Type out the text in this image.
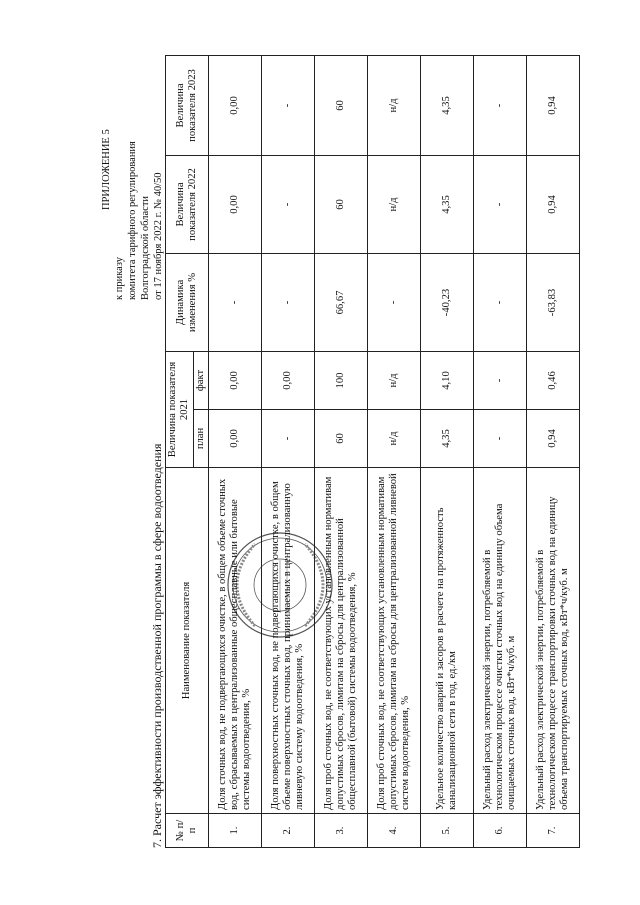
ПРИЛОЖЕНИЕ 5
к приказу комитета тарифного регулирования Волгоградской области от 17 ноября 2022 г. № 40/50
7. Расчет эффективности производственной программы в сфере водоотведения № п/п	Наименование показателя	Величина показателя 2021		Динамика изменения %	Величина показателя 2022	Величина показателя 2023
		план	факт			
1.	Доля сточных вод, не подвергающихся очистке, в общем объеме сточных вод, сбрасываемых в централизованные общесплавные или бытовые системы водоотведения, %	0,00	0,00	-	0,00	0,00
2.	Доля поверхностных сточных вод, не подвергающихся очистке, в общем объеме поверхностных сточных вод, принимаемых в централизованную ливневую систему водоотведения, %	-	0,00	-	-	-
3.	Доля проб сточных вод, не соответствующих установленным нормативам допустимых сбросов, лимитам на сбросы для централизованной общесплавной (бытовой) системы водоотведения, %	60	100	66,67	60	60
4.	Доля проб сточных вод, не соответствующих установленным нормативам допустимых сбросов, лимитам на сбросы для централизованной ливневой систем водоотведения, %	н/д	н/д	-	н/д	н/д
5.	Удельное количество аварий и засоров в расчете на протяженность канализационной сети в год, ед./км	4,35	4,10	-40,23	4,35	4,35
6.	Удельный расход электрической энергии, потребляемой в технологическом процессе очистки сточных вод на единицу объема очищаемых сточных вод, кВт*ч/куб. м	-	-	-	-	-
7.	Удельный расход электрической энергии, потребляемой в технологическом процессе транспортировки сточных вод на единицу объема транспортируемых сточных вод, кВт*ч/куб. м	0,94	0,46	-63,83	0,94	0,94
